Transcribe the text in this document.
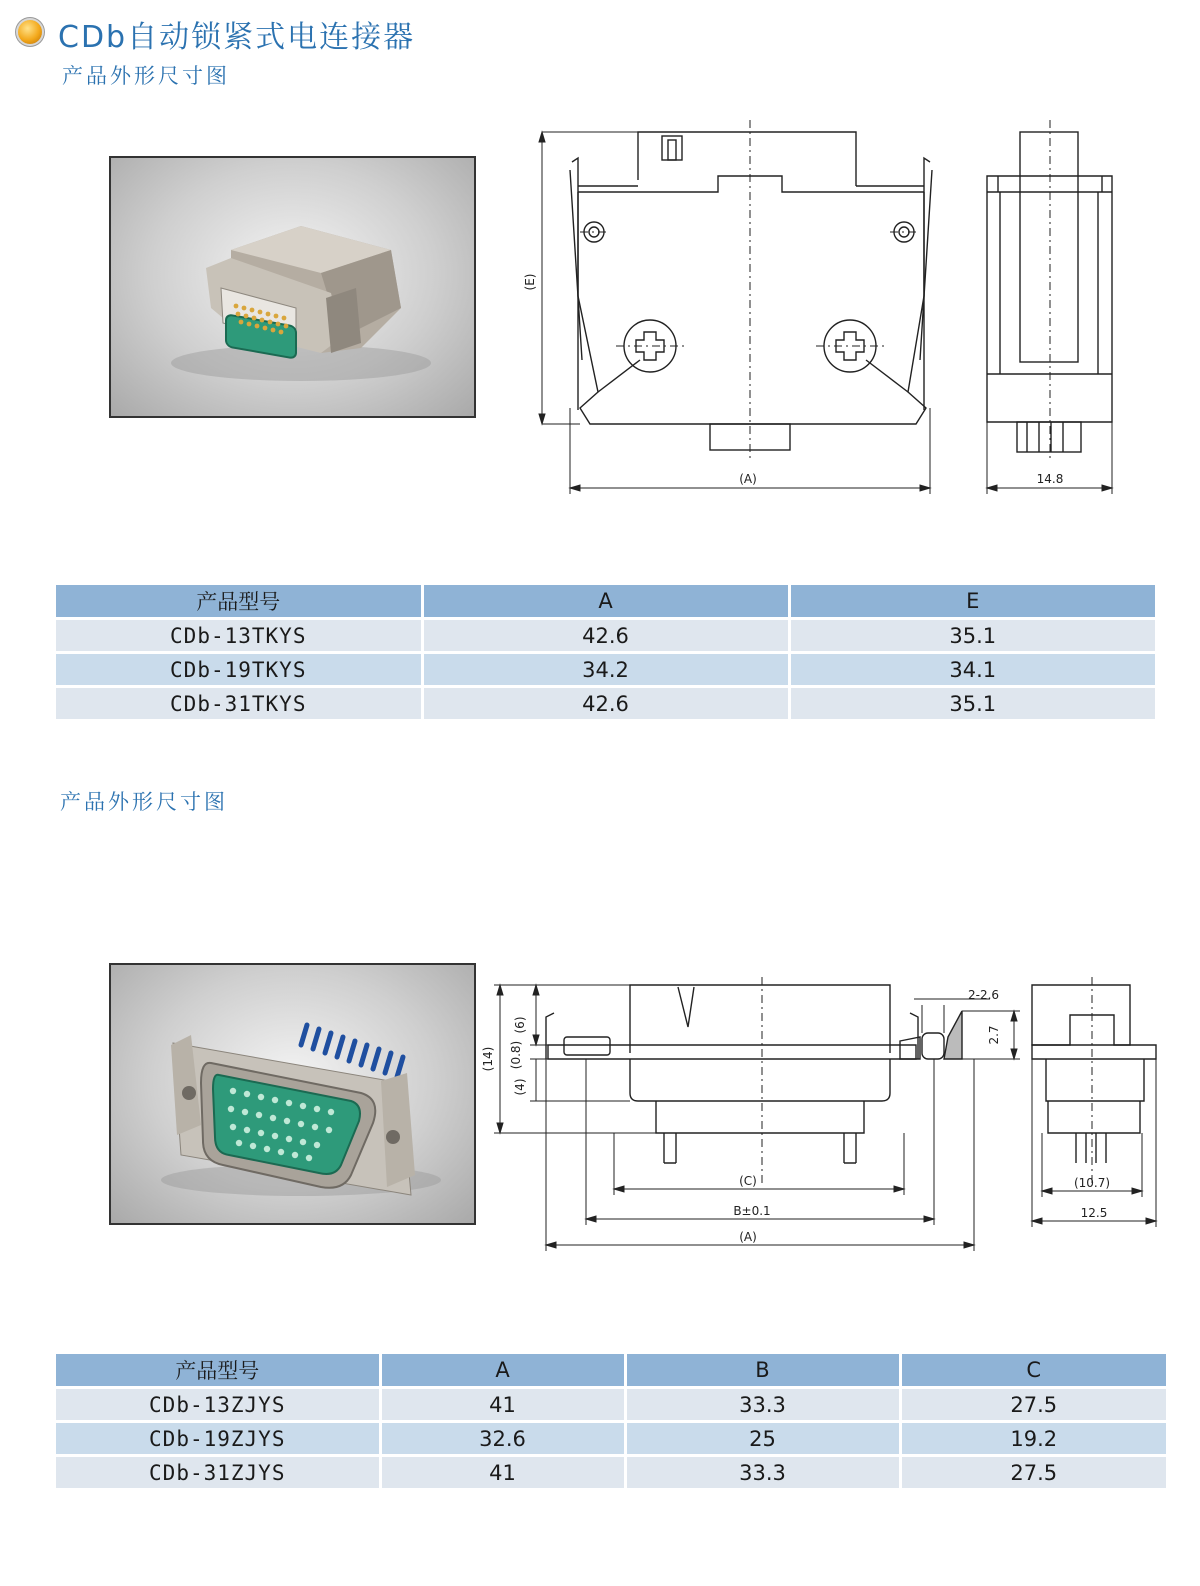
CDb自动锁紧式电连接器
产品外形尺寸图
(E)
(A)	14.8
产品型号	A	E
CDb-13TKYS	42.6	35.1
CDb-19TKYS	34.2	34.1
CDb-31TKYS	42.6	35.1
产品外形尺寸图
(14)
(6)
(0.8)
(4)
2-2.6
2.7
(C)
B±0.1
(A)
(10.7)
12.5
产品型号	A	B	C
CDb-13ZJYS	41	33.3	27.5
CDb-19ZJYS	32.6	25	19.2
CDb-31ZJYS	41	33.3	27.5
